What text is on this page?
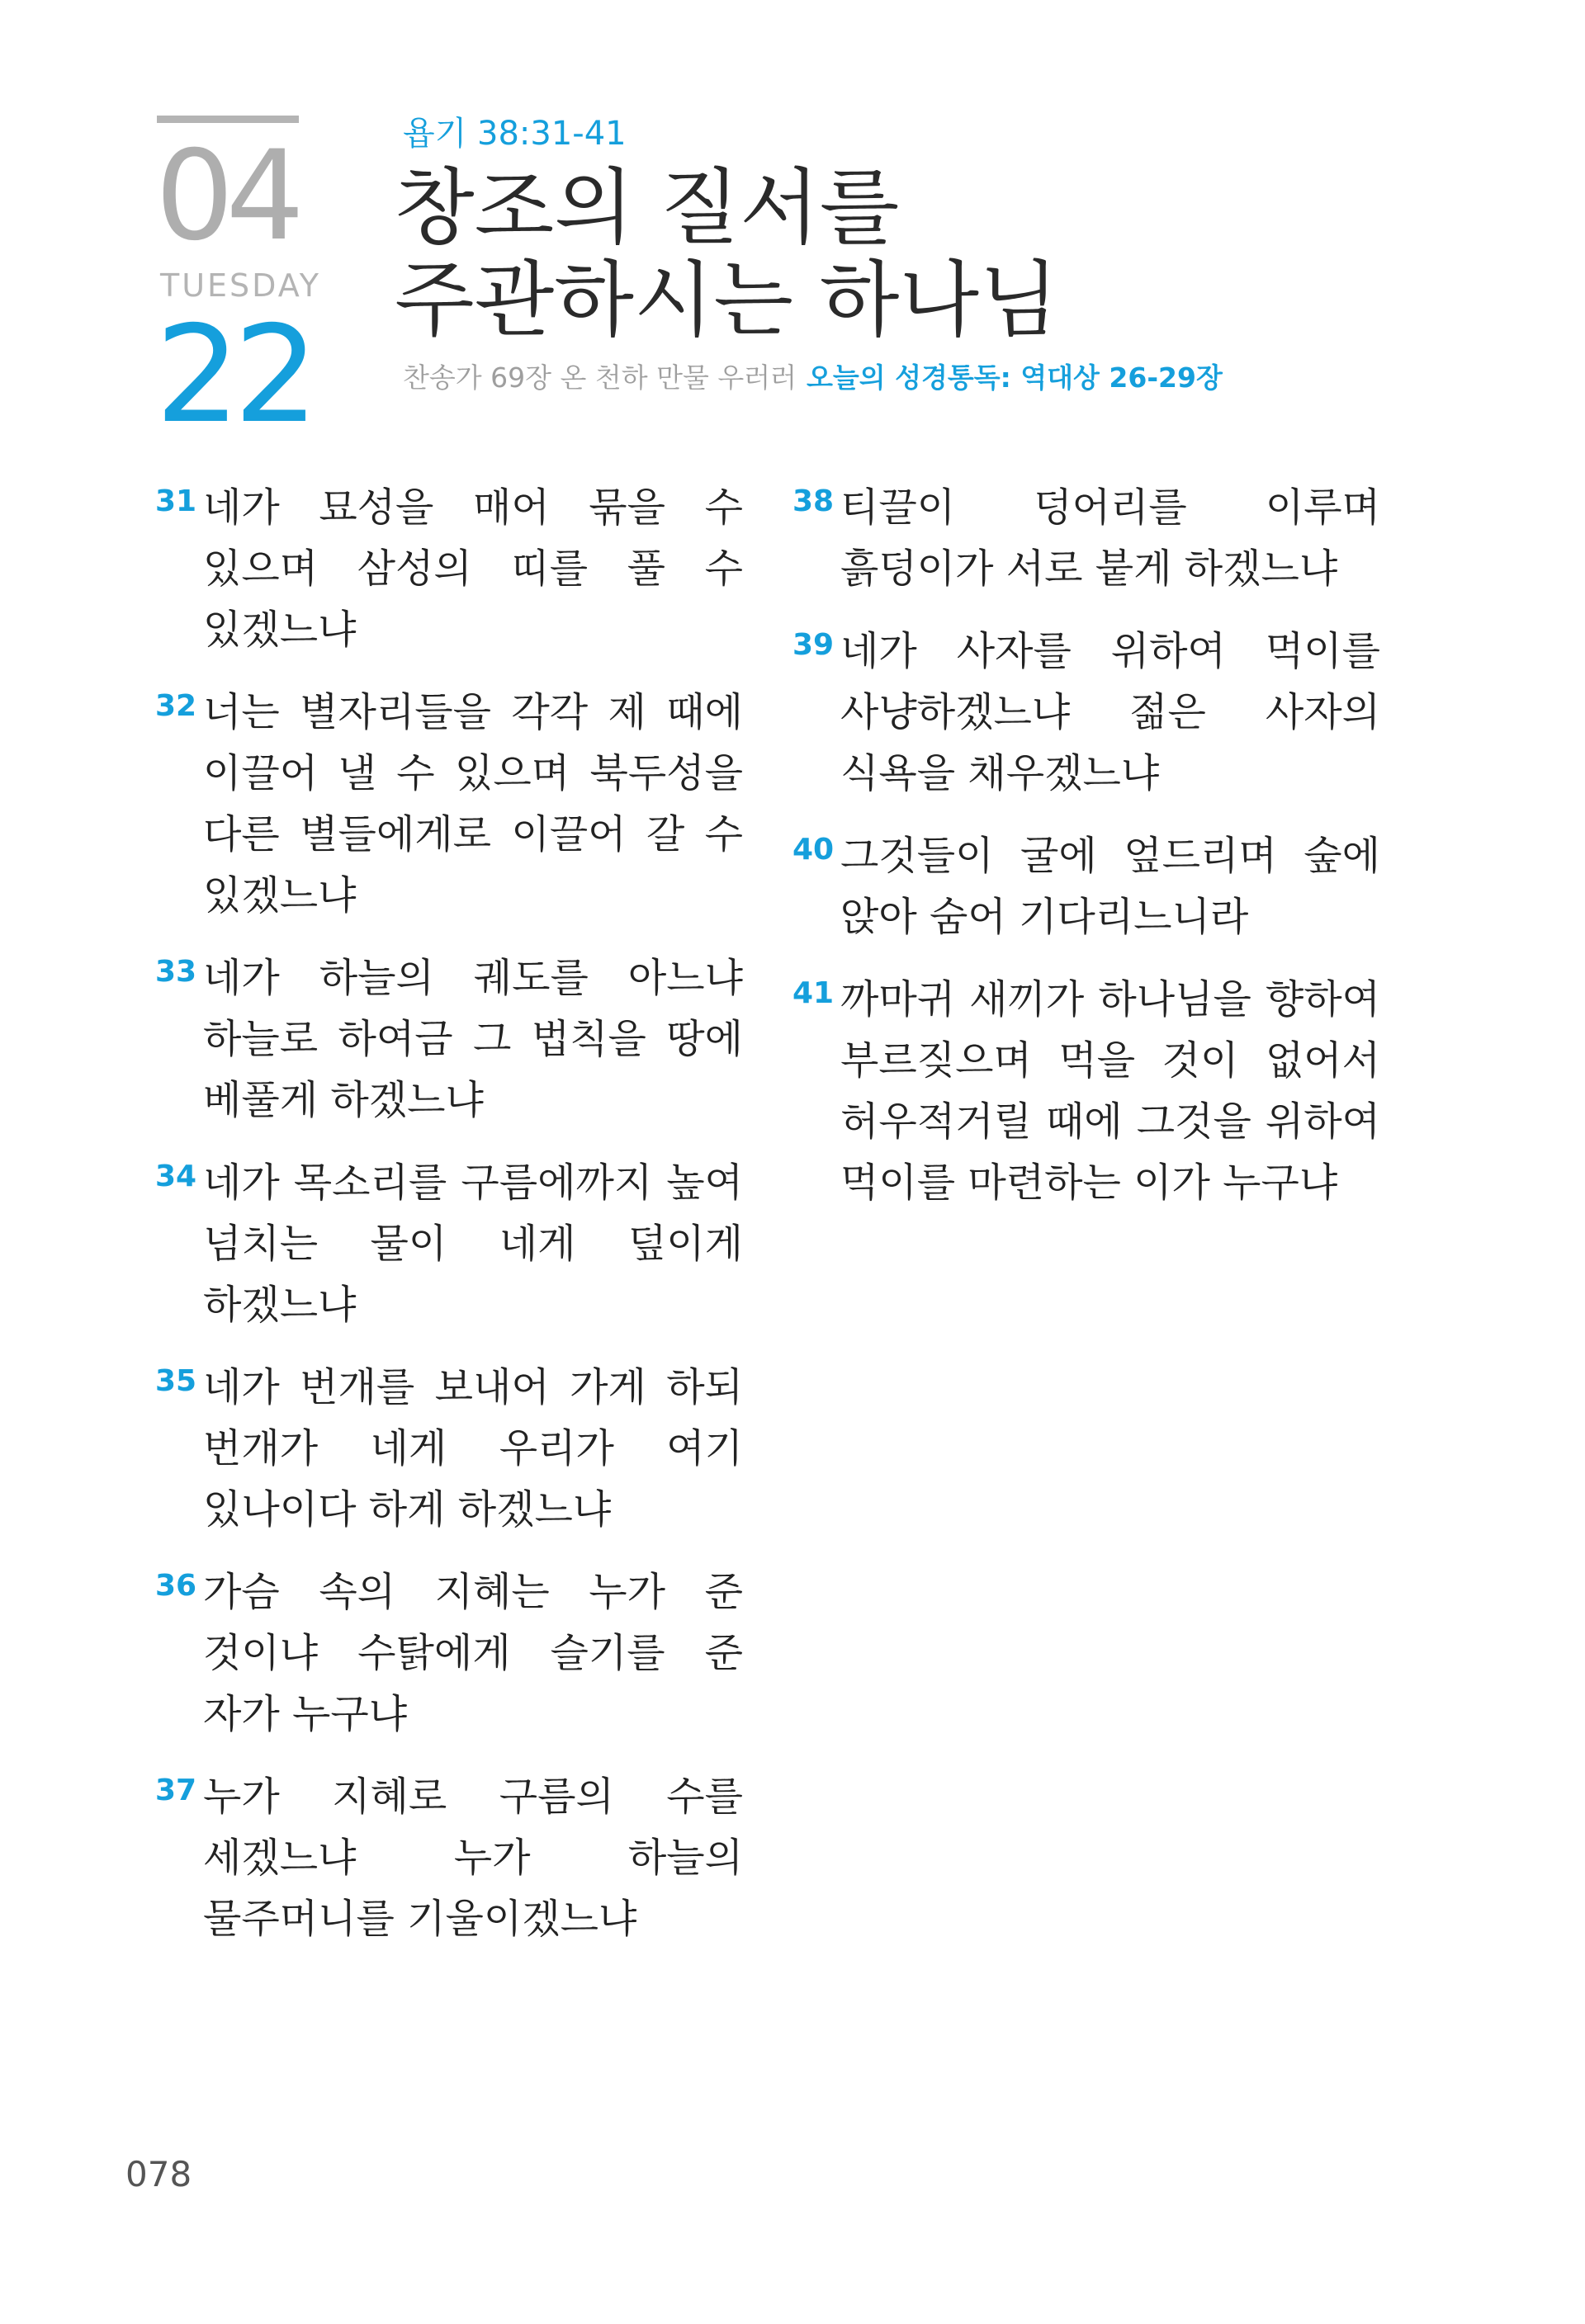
04
TUESDAY
22
욥기 38:31-41
창조의 질서를
주관하시는 하나님
찬송가 69장 온 천하 만물 우러러 오늘의 성경통독: 역대상 26-29장
31 네가 묘성을 매어 묶을 수 있으며 삼성의 띠를 풀 수 있겠느냐
32 너는 별자리들을 각각 제 때에 이끌어 낼 수 있으며 북두성을 다른 별들에게로 이끌어 갈 수 있겠느냐
33 네가 하늘의 궤도를 아느냐 하늘로 하여금 그 법칙을 땅에 베풀게 하겠느냐
34 네가 목소리를 구름에까지 높여 넘치는 물이 네게 덮이게 하겠느냐
35 네가 번개를 보내어 가게 하되 번개가 네게 우리가 여기 있나이다 하게 하겠느냐
36 가슴 속의 지혜는 누가 준 것이냐 수탉에게 슬기를 준 자가 누구냐
37 누가 지혜로 구름의 수를 세겠느냐 누가 하늘의 물주머니를 기울이겠느냐
38 티끌이 덩어리를 이루며 흙덩이가 서로 붙게 하겠느냐
39 네가 사자를 위하여 먹이를 사냥하겠느냐 젊은 사자의 식욕을 채우겠느냐
40 그것들이 굴에 엎드리며 숲에 앉아 숨어 기다리느니라
41 까마귀 새끼가 하나님을 향하여 부르짖으며 먹을 것이 없어서 허우적거릴 때에 그것을 위하여 먹이를 마련하는 이가 누구냐
078
